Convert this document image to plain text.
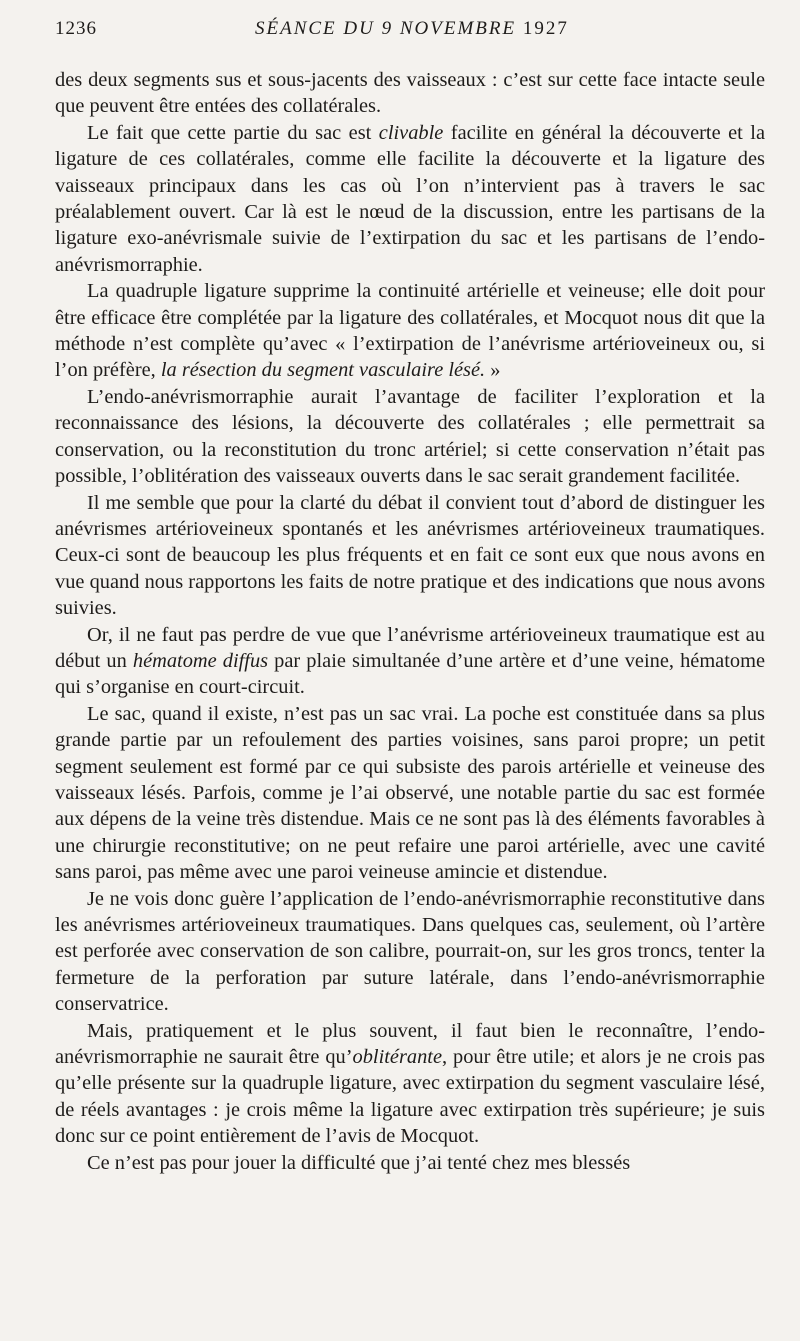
1236	SÉANCE DU 9 NOVEMBRE 1927

des deux segments sus et sous-jacents des vaisseaux : c’est sur cette face intacte seule que peuvent être entées des collatérales.

Le fait que cette partie du sac est clivable facilite en général la découverte et la ligature de ces collatérales, comme elle facilite la découverte et la ligature des vaisseaux principaux dans les cas où l’on n’intervient pas à travers le sac préalablement ouvert. Car là est le nœud de la discussion, entre les partisans de la ligature exo-anévrismale suivie de l’extirpation du sac et les partisans de l’endo-anévrismorraphie.

La quadruple ligature supprime la continuité artérielle et veineuse; elle doit pour être efficace être complétée par la ligature des collatérales, et Mocquot nous dit que la méthode n’est complète qu’avec « l’extirpation de l’anévrisme artérioveineux ou, si l’on préfère, la résection du segment vasculaire lésé. »

L’endo-anévrismorraphie aurait l’avantage de faciliter l’exploration et la reconnaissance des lésions, la découverte des collatérales ; elle permettrait sa conservation, ou la reconstitution du tronc artériel; si cette conservation n’était pas possible, l’oblitération des vaisseaux ouverts dans le sac serait grandement facilitée.

Il me semble que pour la clarté du débat il convient tout d’abord de distinguer les anévrismes artérioveineux spontanés et les anévrismes artérioveineux traumatiques. Ceux-ci sont de beaucoup les plus fréquents et en fait ce sont eux que nous avons en vue quand nous rapportons les faits de notre pratique et des indications que nous avons suivies.

Or, il ne faut pas perdre de vue que l’anévrisme artérioveineux traumatique est au début un hématome diffus par plaie simultanée d’une artère et d’une veine, hématome qui s’organise en court-circuit.

Le sac, quand il existe, n’est pas un sac vrai. La poche est constituée dans sa plus grande partie par un refoulement des parties voisines, sans paroi propre; un petit segment seulement est formé par ce qui subsiste des parois artérielle et veineuse des vaisseaux lésés. Parfois, comme je l’ai observé, une notable partie du sac est formée aux dépens de la veine très distendue. Mais ce ne sont pas là des éléments favorables à une chirurgie reconstitutive; on ne peut refaire une paroi artérielle, avec une cavité sans paroi, pas même avec une paroi veineuse amincie et distendue.

Je ne vois donc guère l’application de l’endo-anévrismorraphie reconstitutive dans les anévrismes artérioveineux traumatiques. Dans quelques cas, seulement, où l’artère est perforée avec conservation de son calibre, pourrait-on, sur les gros troncs, tenter la fermeture de la perforation par suture latérale, dans l’endo-anévrismorraphie conservatrice.

Mais, pratiquement et le plus souvent, il faut bien le reconnaître, l’endo-anévrismorraphie ne saurait être qu’oblitérante, pour être utile; et alors je ne crois pas qu’elle présente sur la quadruple ligature, avec extirpation du segment vasculaire lésé, de réels avantages : je crois même la ligature avec extirpation très supérieure; je suis donc sur ce point entièrement de l’avis de Mocquot.

Ce n’est pas pour jouer la difficulté que j’ai tenté chez mes blessés
